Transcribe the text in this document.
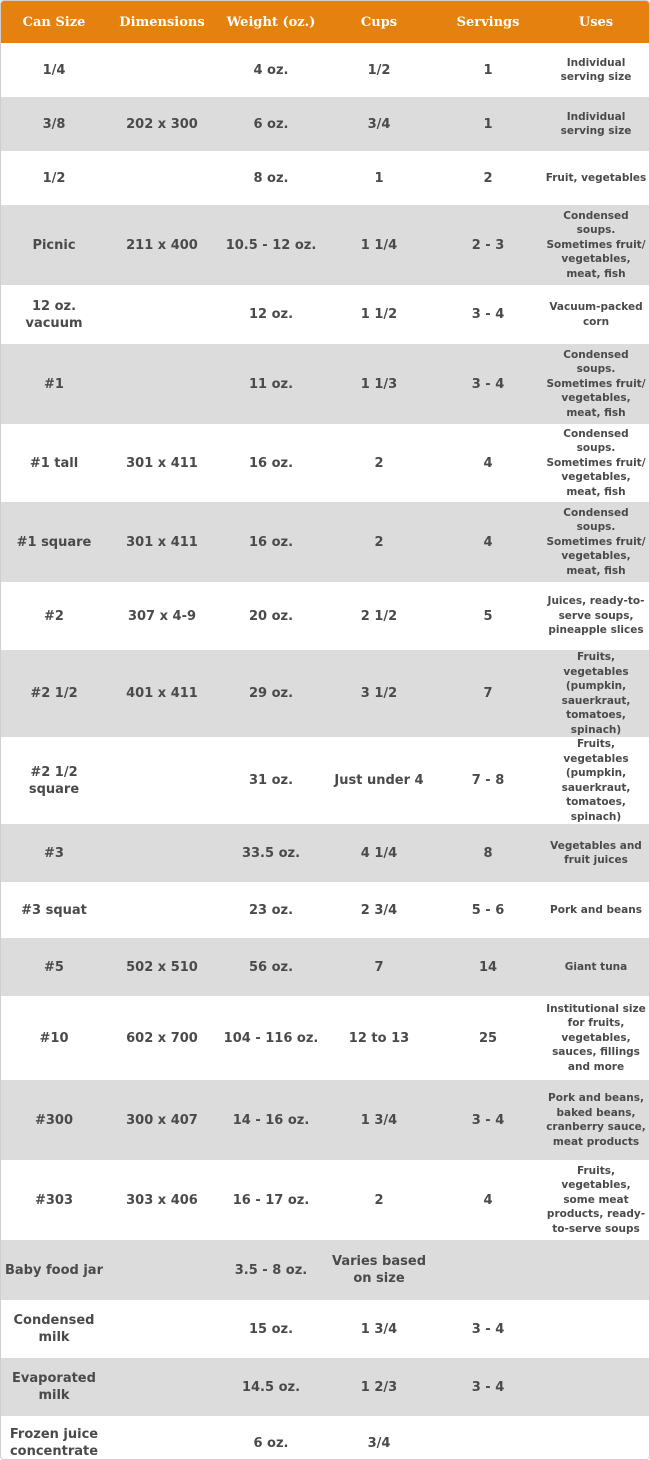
Can Size	Dimensions	Weight (oz.)	Cups	Servings	Uses
1/4		4 oz.	1/2	1	Individual serving size
3/8	202 x 300	6 oz.	3/4	1	Individual serving size
1/2		8 oz.	1	2	Fruit, vegetables
Picnic	211 x 400	10.5 - 12 oz.	1 1/4	2 - 3	Condensed soups. Sometimes fruit/ vegetables, meat, fish
12 oz. vacuum		12 oz.	1 1/2	3 - 4	Vacuum-packed corn
#1		11 oz.	1 1/3	3 - 4	Condensed soups. Sometimes fruit/ vegetables, meat, fish
#1 tall	301 x 411	16 oz.	2	4	Condensed soups. Sometimes fruit/ vegetables, meat, fish
#1 square	301 x 411	16 oz.	2	4	Condensed soups. Sometimes fruit/ vegetables, meat, fish
#2	307 x 4-9	20 oz.	2 1/2	5	Juices, ready-to-serve soups, pineapple slices
#2 1/2	401 x 411	29 oz.	3 1/2	7	Fruits, vegetables (pumpkin, sauerkraut, tomatoes, spinach)
#2 1/2 square		31 oz.	Just under 4	7 - 8	Fruits, vegetables (pumpkin, sauerkraut, tomatoes, spinach)
#3		33.5 oz.	4 1/4	8	Vegetables and fruit juices
#3 squat		23 oz.	2 3/4	5 - 6	Pork and beans
#5	502 x 510	56 oz.	7	14	Giant tuna
#10	602 x 700	104 - 116 oz.	12 to 13	25	Institutional size for fruits, vegetables, sauces, fillings and more
#300	300 x 407	14 - 16 oz.	1 3/4	3 - 4	Pork and beans, baked beans, cranberry sauce, meat products
#303	303 x 406	16 - 17 oz.	2	4	Fruits, vegetables, some meat products, ready-to-serve soups
Baby food jar		3.5 - 8 oz.	Varies based on size		
Condensed milk		15 oz.	1 3/4	3 - 4	
Evaporated milk		14.5 oz.	1 2/3	3 - 4	
Frozen juice concentrate		6 oz.	3/4		
